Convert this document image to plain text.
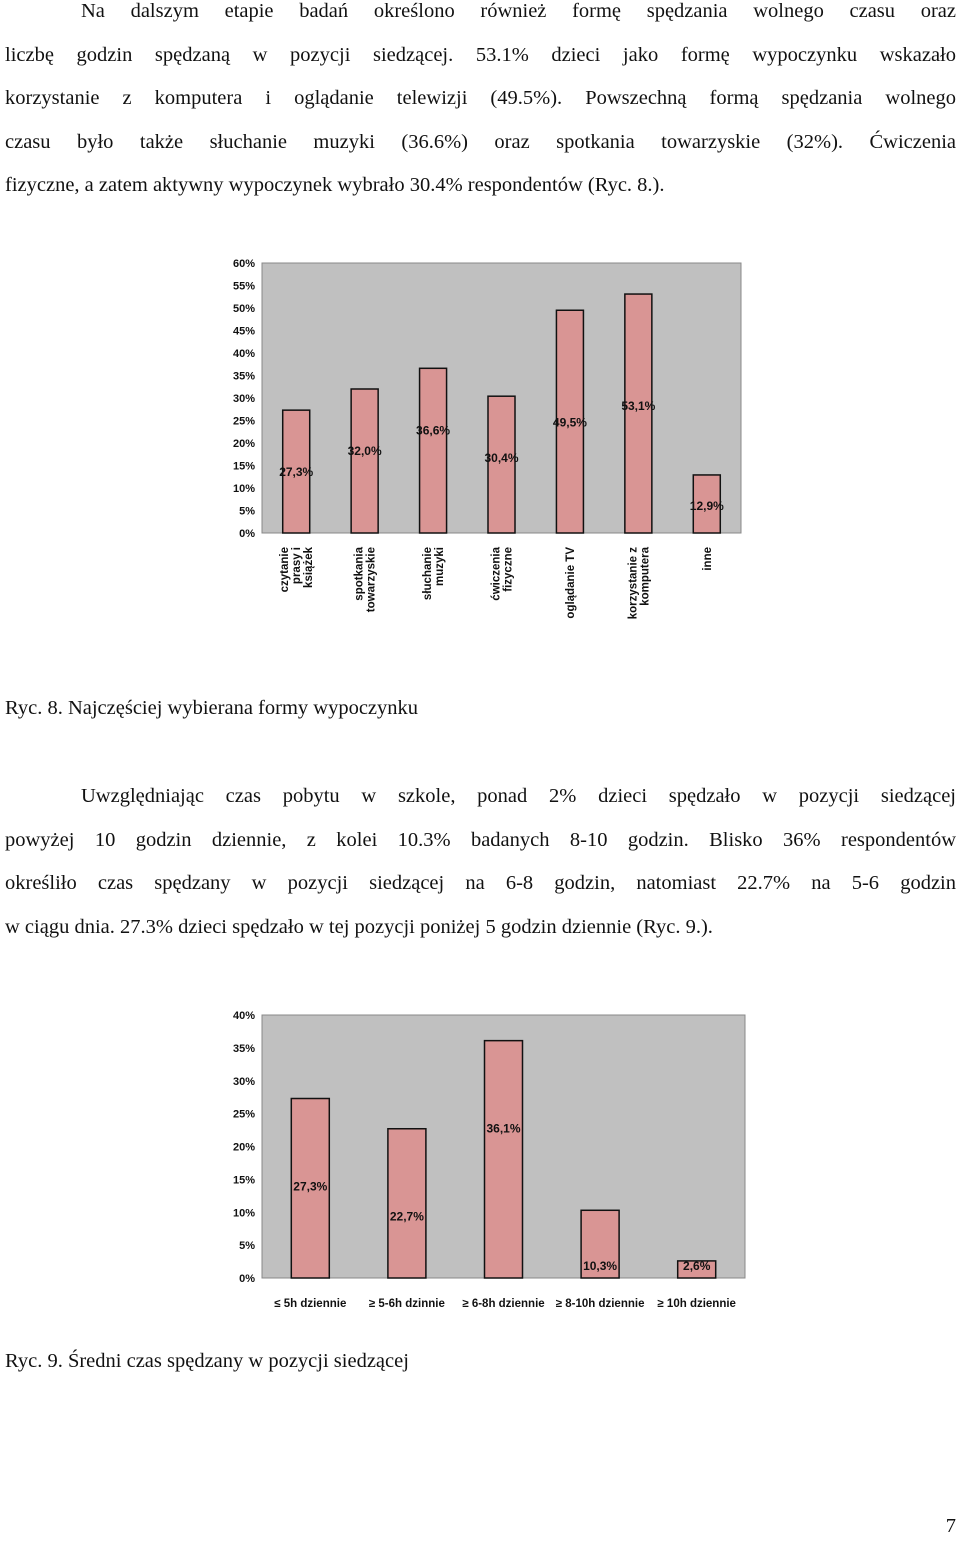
Na dalszym etapie badań określono również formę spędzania wolnego czasu oraz
liczbę godzin spędzaną w pozycji siedzącej. 53.1% dzieci jako formę wypoczynku wskazało
korzystanie z komputera i oglądanie telewizji (49.5%). Powszechną formą spędzania wolnego
czasu było także słuchanie muzyki (36.6%) oraz spotkania towarzyskie (32%). Ćwiczenia
fizyczne, a zatem aktywny wypoczynek wybrało 30.4% respondentów (Ryc. 8.).
0%
5%
10%
15%
20%
25%
30%
35%
40%
45%
50%
55%
60%
27,3%
czytanieprasy iksiążek
32,0%
spotkaniatowarzyskie
36,6%
słuchaniemuzyki
30,4%
ćwiczeniafizyczne
49,5%
oglądanie TV
53,1%
korzystanie zkomputera
12,9%
inne

Ryc. 8. Najczęściej wybierana formy wypoczynku

Uwzględniając czas pobytu w szkole, ponad 2% dzieci spędzało w pozycji siedzącej
powyżej 10 godzin dziennie, z kolei 10.3% badanych 8-10 godzin. Blisko 36% respondentów
określiło czas spędzany w pozycji siedzącej na 6-8 godzin, natomiast 22.7% na 5-6 godzin
w ciągu dnia. 27.3% dzieci spędzało w tej pozycji poniżej 5 godzin dziennie (Ryc. 9.).
0%
5%
10%
15%
20%
25%
30%
35%
40%
27,3%
≤ 5h dziennie
22,7%
≥ 5-6h dzinnie
36,1%
≥ 6-8h dziennie
10,3%
≥ 8-10h dziennie
2,6%
≥ 10h dziennie

Ryc. 9. Średni czas spędzany w pozycji siedzącej

7
